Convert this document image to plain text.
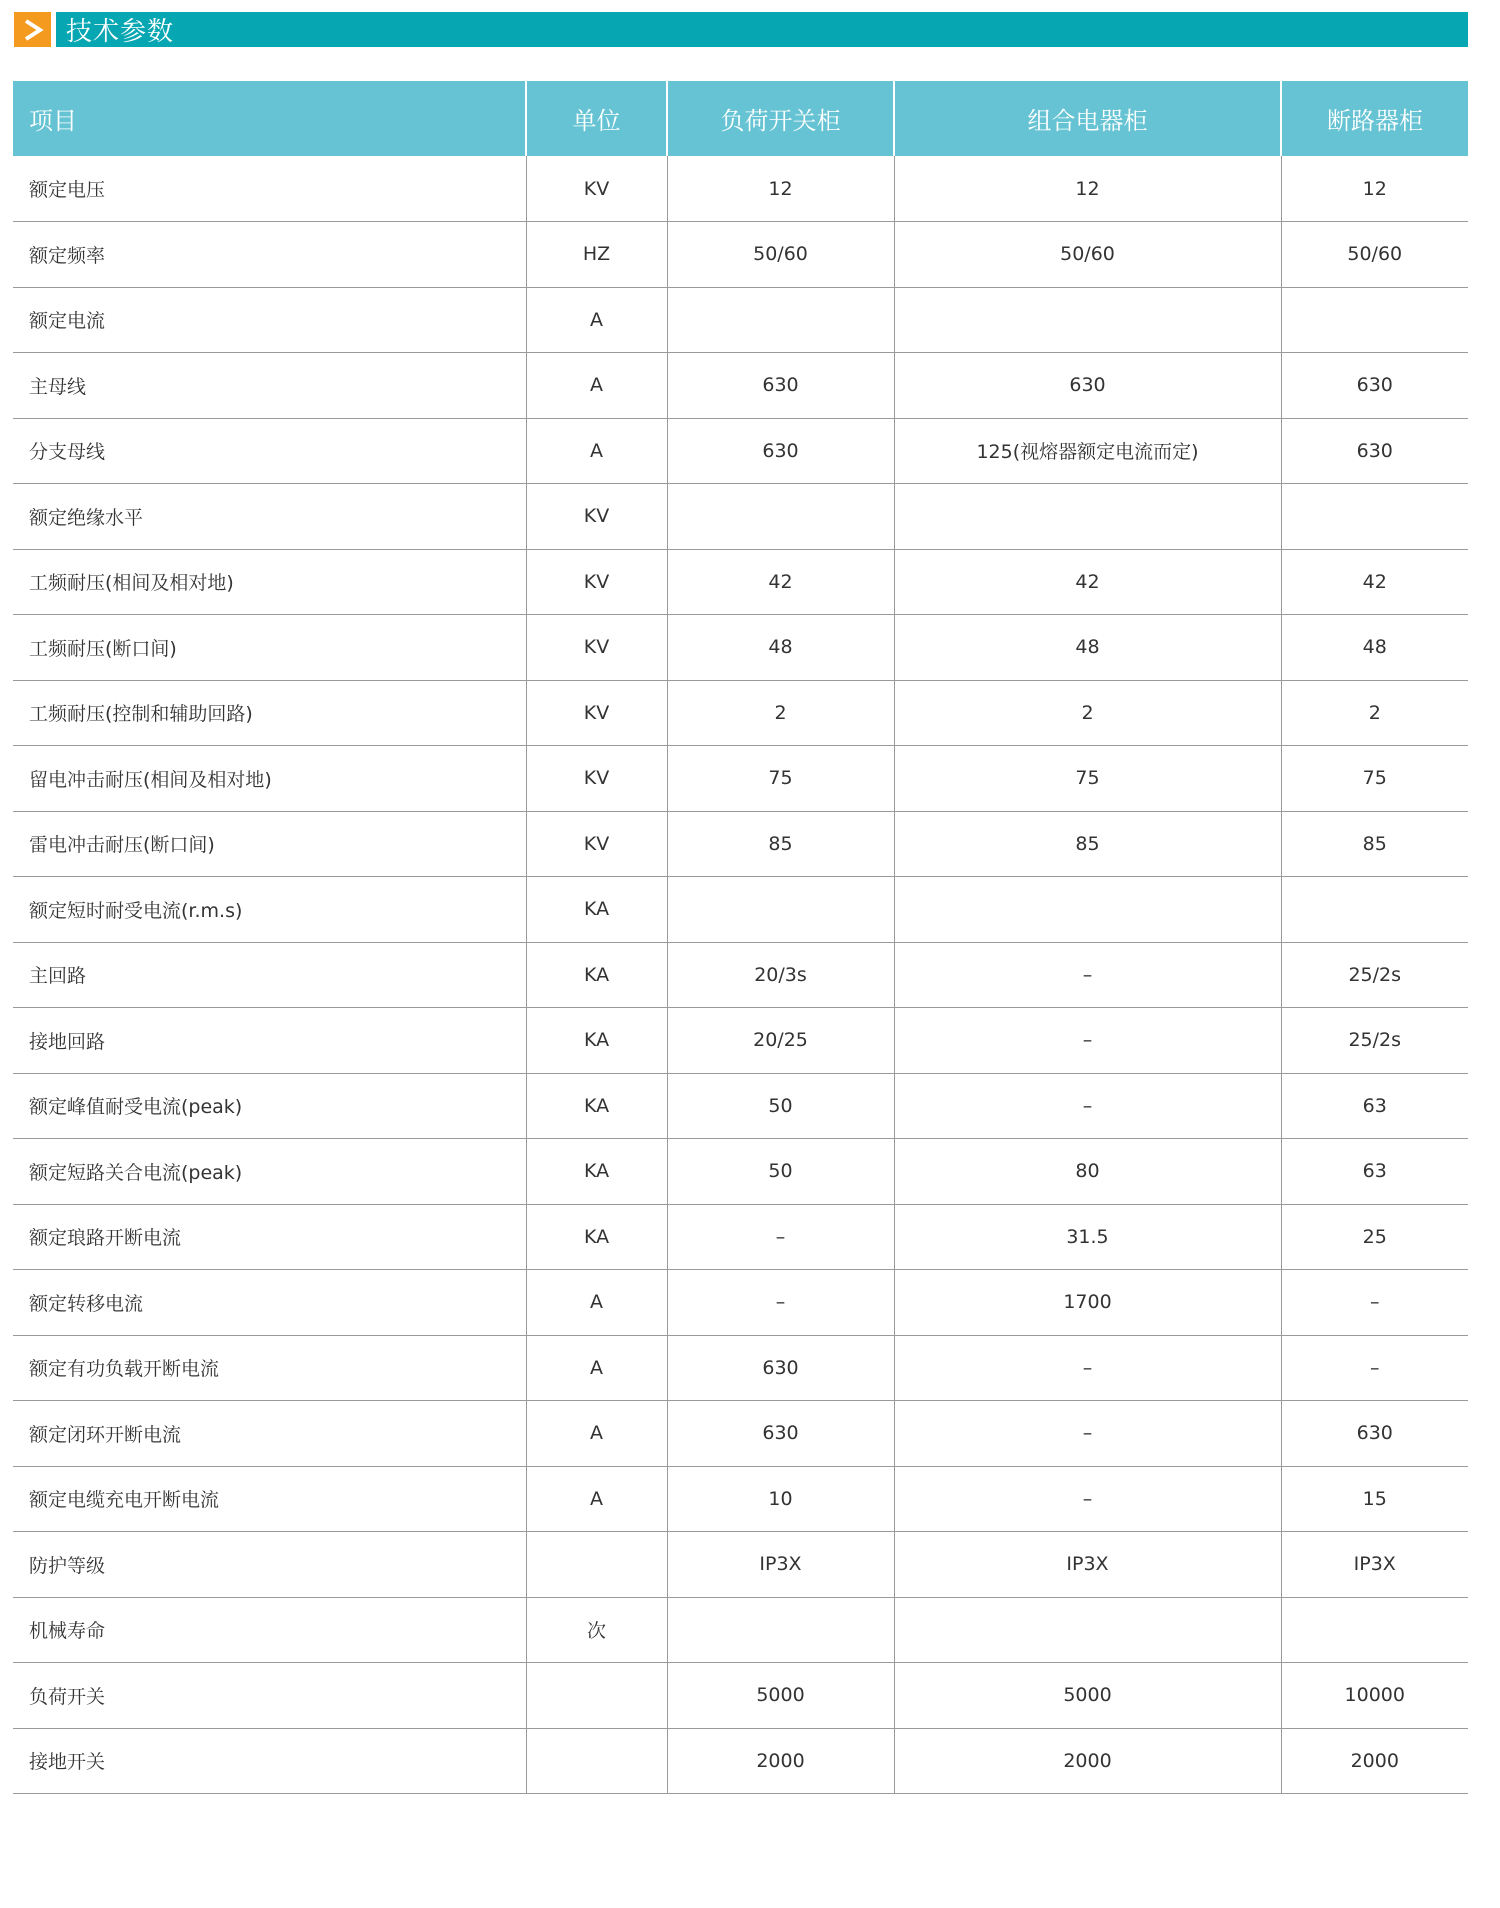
技术参数
项目	单位	负荷开关柜	组合电器柜	断路器柜
额定电压	KV	12	12	12
额定频率	HZ	50/60	50/60	50/60
额定电流	A			
主母线	A	630	630	630
分支母线	A	630	125(视熔器额定电流而定)	630
额定绝缘水平	KV			
工频耐压(相间及相对地)	KV	42	42	42
工频耐压(断口间)	KV	48	48	48
工频耐压(控制和辅助回路)	KV	2	2	2
留电冲击耐压(相间及相对地)	KV	75	75	75
雷电冲击耐压(断口间)	KV	85	85	85
额定短时耐受电流(r.m.s)	KA			
主回路	KA	20/3s	–	25/2s
接地回路	KA	20/25	–	25/2s
额定峰值耐受电流(peak)	KA	50	–	63
额定短路关合电流(peak)	KA	50	80	63
额定琅路开断电流	KA	–	31.5	25
额定转移电流	A	–	1700	–
额定有功负载开断电流	A	630	–	–
额定闭环开断电流	A	630	–	630
额定电缆充电开断电流	A	10	–	15
防护等级		IP3X	IP3X	IP3X
机械寿命	次			
负荷开关		5000	5000	10000
接地开关		2000	2000	2000
